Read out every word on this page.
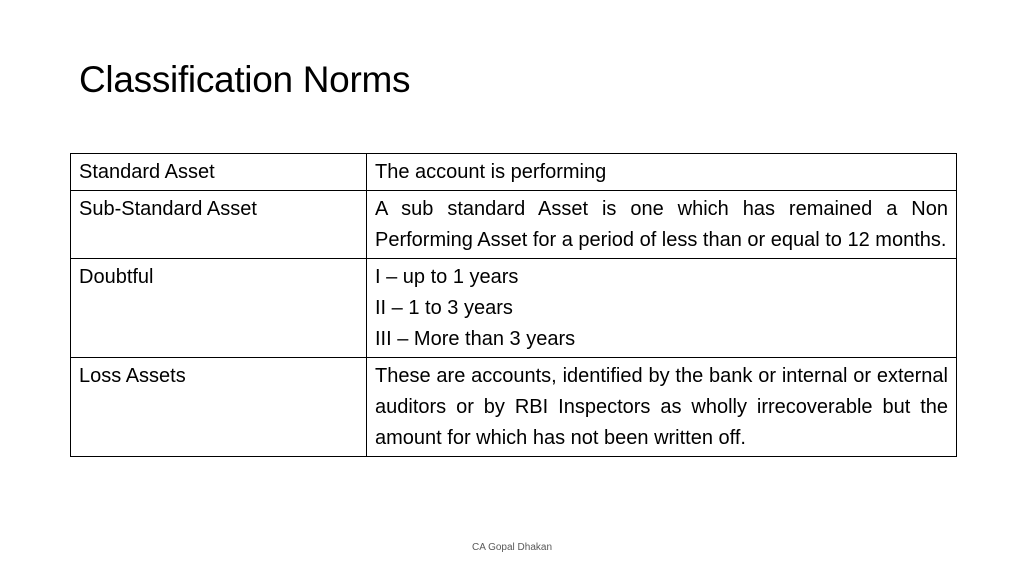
Classification Norms
Standard Asset	The account is performing
Sub-Standard Asset	A sub standard Asset is one which has remained a Non Performing Asset for a period of less than or equal to 12 months.
Doubtful	I – up to 1 years
II – 1 to 3 years
III – More than 3 years

Loss Assets	These are accounts, identified by the bank or internal or external auditors or by RBI Inspectors as wholly irrecoverable but the amount for which has not been written off.
CA Gopal Dhakan
